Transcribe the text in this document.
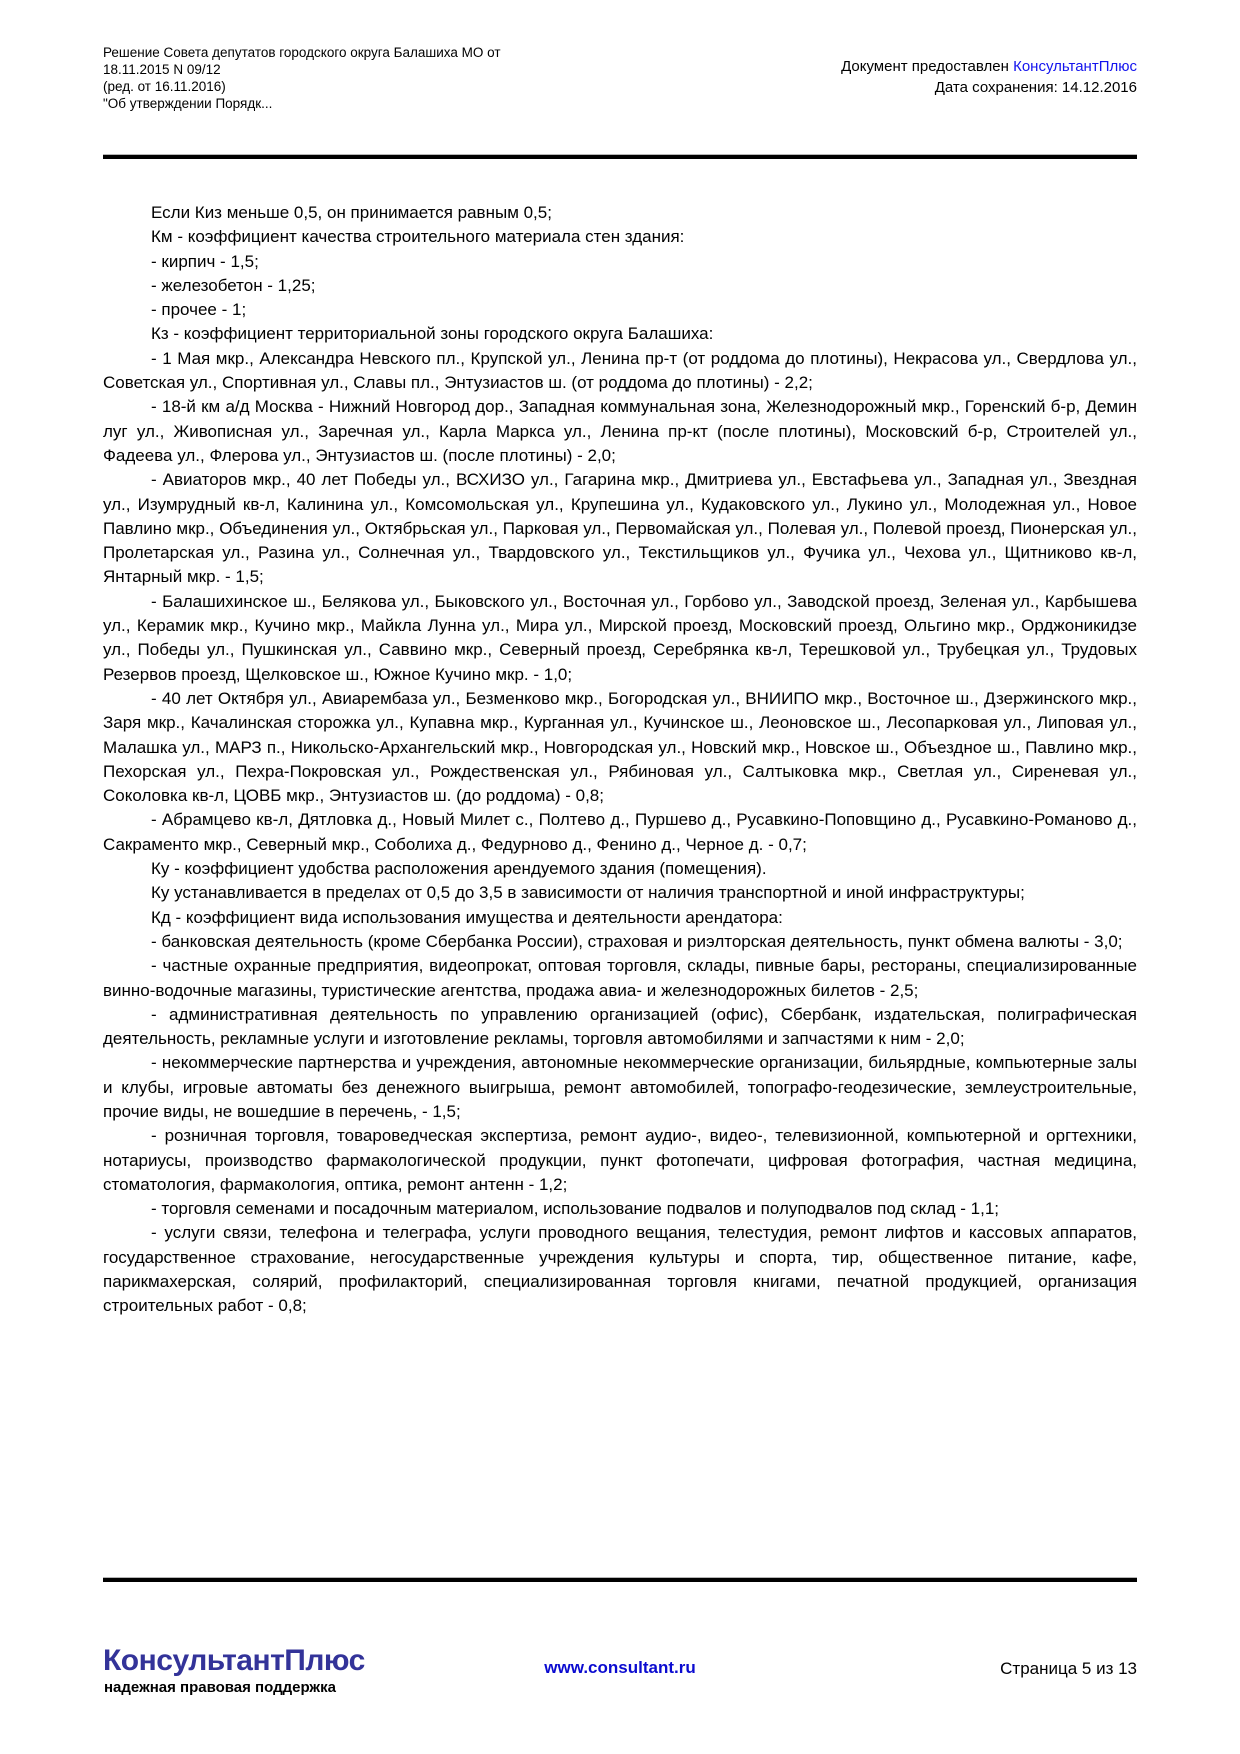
Решение Совета депутатов городского округа Балашиха МО от
18.11.2015 N 09/12
(ред. от 16.11.2016)
"Об утверждении Порядк...
Документ предоставлен КонсультантПлюс
Дата сохранения: 14.12.2016

Если Киз меньше 0,5, он принимается равным 0,5;

Км - коэффициент качества строительного материала стен здания:

- кирпич - 1,5;

- железобетон - 1,25;

- прочее - 1;

Кз - коэффициент территориальной зоны городского округа Балашиха:

- 1 Мая мкр., Александра Невского пл., Крупской ул., Ленина пр-т (от роддома до плотины), Некрасова ул., Свердлова ул., Советская ул., Спортивная ул., Славы пл., Энтузиастов ш. (от роддома до плотины) - 2,2;

- 18-й км а/д Москва - Нижний Новгород дор., Западная коммунальная зона, Железнодорожный мкр., Горенский б-р, Демин луг ул., Живописная ул., Заречная ул., Карла Маркса ул., Ленина пр-кт (после плотины), Московский б-р, Строителей ул., Фадеева ул., Флерова ул., Энтузиастов ш. (после плотины) - 2,0;

- Авиаторов мкр., 40 лет Победы ул., ВСХИЗО ул., Гагарина мкр., Дмитриева ул., Евстафьева ул., Западная ул., Звездная ул., Изумрудный кв-л, Калинина ул., Комсомольская ул., Крупешина ул., Кудаковского ул., Лукино ул., Молодежная ул., Новое Павлино мкр., Объединения ул., Октябрьская ул., Парковая ул., Первомайская ул., Полевая ул., Полевой проезд, Пионерская ул., Пролетарская ул., Разина ул., Солнечная ул., Твардовского ул., Текстильщиков ул., Фучика ул., Чехова ул., Щитниково кв-л, Янтарный мкр. - 1,5;

- Балашихинское ш., Белякова ул., Быковского ул., Восточная ул., Горбово ул., Заводской проезд, Зеленая ул., Карбышева ул., Керамик мкр., Кучино мкр., Майкла Лунна ул., Мира ул., Мирской проезд, Московский проезд, Ольгино мкр., Орджоникидзе ул., Победы ул., Пушкинская ул., Саввино мкр., Северный проезд, Серебрянка кв-л, Терешковой ул., Трубецкая ул., Трудовых Резервов проезд, Щелковское ш., Южное Кучино мкр. - 1,0;

- 40 лет Октября ул., Авиарембаза ул., Безменково мкр., Богородская ул., ВНИИПО мкр., Восточное ш., Дзержинского мкр., Заря мкр., Качалинская сторожка ул., Купавна мкр., Курганная ул., Кучинское ш., Леоновское ш., Лесопарковая ул., Липовая ул., Малашка ул., МАРЗ п., Никольско-Архангельский мкр., Новгородская ул., Новский мкр., Новское ш., Объездное ш., Павлино мкр., Пехорская ул., Пехра-Покровская ул., Рождественская ул., Рябиновая ул., Салтыковка мкр., Светлая ул., Сиреневая ул., Соколовка кв-л, ЦОВБ мкр., Энтузиастов ш. (до роддома) - 0,8;

- Абрамцево кв-л, Дятловка д., Новый Милет с., Полтево д., Пуршево д., Русавкино-Поповщино д., Русавкино-Романово д., Сакраменто мкр., Северный мкр., Соболиха д., Федурново д., Фенино д., Черное д. - 0,7;

Ку - коэффициент удобства расположения арендуемого здания (помещения).

Ку устанавливается в пределах от 0,5 до 3,5 в зависимости от наличия транспортной и иной инфраструктуры;

Кд - коэффициент вида использования имущества и деятельности арендатора:

- банковская деятельность (кроме Сбербанка России), страховая и риэлторская деятельность, пункт обмена валюты - 3,0;

- частные охранные предприятия, видеопрокат, оптовая торговля, склады, пивные бары, рестораны, специализированные винно-водочные магазины, туристические агентства, продажа авиа- и железнодорожных билетов - 2,5;

- административная деятельность по управлению организацией (офис), Сбербанк, издательская, полиграфическая деятельность, рекламные услуги и изготовление рекламы, торговля автомобилями и запчастями к ним - 2,0;

- некоммерческие партнерства и учреждения, автономные некоммерческие организации, бильярдные, компьютерные залы и клубы, игровые автоматы без денежного выигрыша, ремонт автомобилей, топографо-геодезические, землеустроительные, прочие виды, не вошедшие в перечень, - 1,5;

- розничная торговля, товароведческая экспертиза, ремонт аудио-, видео-, телевизионной, компьютерной и оргтехники, нотариусы, производство фармакологической продукции, пункт фотопечати, цифровая фотография, частная медицина, стоматология, фармакология, оптика, ремонт антенн - 1,2;

- торговля семенами и посадочным материалом, использование подвалов и полуподвалов под склад - 1,1;

- услуги связи, телефона и телеграфа, услуги проводного вещания, телестудия, ремонт лифтов и кассовых аппаратов, государственное страхование, негосударственные учреждения культуры и спорта, тир, общественное питание, кафе, парикмахерская, солярий, профилакторий, специализированная торговля книгами, печатной продукцией, организация строительных работ - 0,8;

КонсультантПлюс
надежная правовая поддержка
www.consultant.ru	Страница 5 из 13
